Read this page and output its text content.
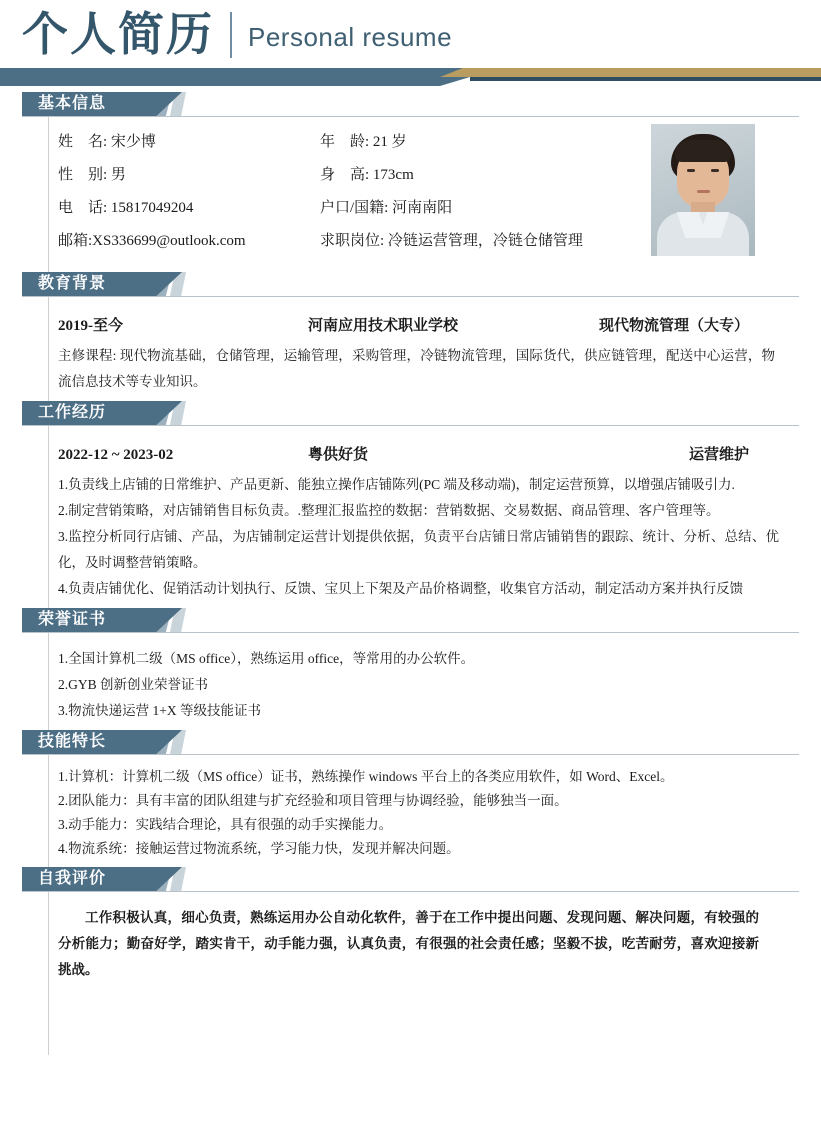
个人简历 Personal resume
基本信息
姓　名: 宋少博	年　龄: 21 岁
性　别: 男	身　高: 173cm
电　话: 15817049204	户口/国籍: 河南南阳
邮箱:XS336699@outlook.com	求职岗位: 冷链运营管理，冷链仓储管理
教育背景
2019-至今	河南应用技术职业学校	现代物流管理（大专）
主修课程: 现代物流基础，仓储管理，运输管理，采购管理，冷链物流管理，国际货代，供应链管理，配送中心运营，物流信息技术等专业知识。
工作经历
2022-12 ~ 2023-02	粤供好货	运营维护
1.负责线上店铺的日常维护、产品更新、能独立操作店铺陈列(PC 端及移动端)，制定运营预算，以增强店铺吸引力.
2.制定营销策略，对店铺销售目标负责。.整理汇报监控的数据：营销数据、交易数据、商品管理、客户管理等。
3.监控分析同行店铺、产品，为店铺制定运营计划提供依据，负责平台店铺日常店铺销售的跟踪、统计、分析、总结、优化，及时调整营销策略。
4.负责店铺优化、促销活动计划执行、反馈、宝贝上下架及产品价格调整，收集官方活动，制定活动方案并执行反馈
荣誉证书
1.全国计算机二级（MS office），熟练运用 office，等常用的办公软件。
2.GYB 创新创业荣誉证书
3.物流快递运营 1+X 等级技能证书
技能特长
1.计算机：计算机二级（MS office）证书，熟练操作 windows 平台上的各类应用软件，如 Word、Excel。
2.团队能力：具有丰富的团队组建与扩充经验和项目管理与协调经验，能够独当一面。
3.动手能力：实践结合理论，具有很强的动手实操能力。
4.物流系统：接触运营过物流系统，学习能力快，发现并解决问题。
自我评价
工作积极认真，细心负责，熟练运用办公自动化软件，善于在工作中提出问题、发现问题、解决问题，有较强的分析能力；勤奋好学，踏实肯干，动手能力强，认真负责，有很强的社会责任感；坚毅不拔，吃苦耐劳，喜欢迎接新挑战。
